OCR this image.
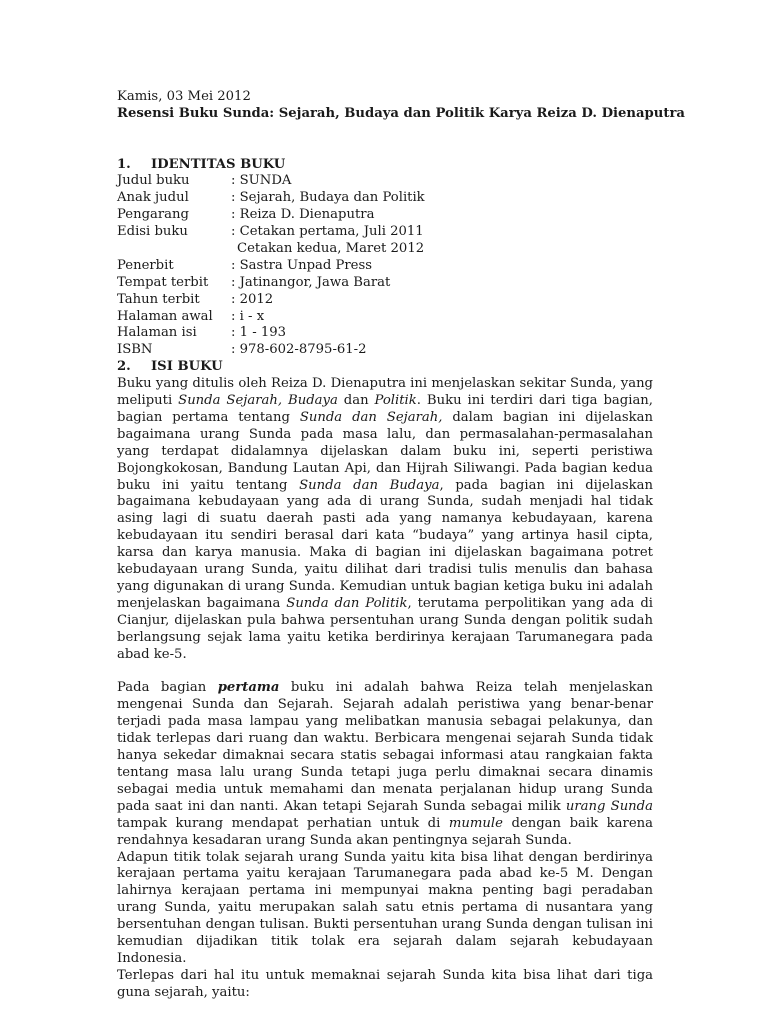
Kamis, 03 Mei 2012
Resensi Buku Sunda: Sejarah, Budaya dan Politik Karya Reiza D. Dienaputra
1. IDENTITAS BUKU
Judul buku	: SUNDA
Anak judul	: Sejarah, Budaya dan Politik
Pengarang	: Reiza D. Dienaputra
Edisi buku	: Cetakan pertama, Juli 2011
Cetakan kedua, Maret 2012
Penerbit	: Sastra Unpad Press
Tempat terbit	: Jatinangor, Jawa Barat
Tahun terbit	: 2012
Halaman awal	: i - x
Halaman isi	: 1 - 193
ISBN	: 978-602-8795-61-2
2. ISI BUKU

Buku yang ditulis oleh Reiza D. Dienaputra ini menjelaskan sekitar Sunda, yang meliputi Sunda Sejarah, Budaya dan Politik. Buku ini terdiri dari tiga bagian, bagian pertama tentang Sunda dan Sejarah, dalam bagian ini dijelaskan bagaimana urang Sunda pada masa lalu, dan permasalahan-permasalahan yang terdapat didalamnya dijelaskan dalam buku ini, seperti peristiwa Bojongkokosan, Bandung Lautan Api, dan Hijrah Siliwangi. Pada bagian kedua buku ini yaitu tentang Sunda dan Budaya, pada bagian ini dijelaskan bagaimana kebudayaan yang ada di urang Sunda, sudah menjadi hal tidak asing lagi di suatu daerah pasti ada yang namanya kebudayaan, karena kebudayaan itu sendiri berasal dari kata “budaya” yang artinya hasil cipta, karsa dan karya manusia. Maka di bagian ini dijelaskan bagaimana potret kebudayaan urang Sunda, yaitu dilihat dari tradisi tulis menulis dan bahasa yang digunakan di urang Sunda. Kemudian untuk bagian ketiga buku ini adalah menjelaskan bagaimana Sunda dan Politik, terutama perpolitikan yang ada di Cianjur, dijelaskan pula bahwa persentuhan urang Sunda dengan politik sudah berlangsung sejak lama yaitu ketika berdirinya kerajaan Tarumanegara pada abad ke-5.

Pada bagian pertama buku ini adalah bahwa Reiza telah menjelaskan mengenai Sunda dan Sejarah. Sejarah adalah peristiwa yang benar-benar terjadi pada masa lampau yang melibatkan manusia sebagai pelakunya, dan tidak terlepas dari ruang dan waktu. Berbicara mengenai sejarah Sunda tidak hanya sekedar dimaknai secara statis sebagai informasi atau rangkaian fakta tentang masa lalu urang Sunda tetapi juga perlu dimaknai secara dinamis sebagai media untuk memahami dan menata perjalanan hidup urang Sunda pada saat ini dan nanti. Akan tetapi Sejarah Sunda sebagai milik urang Sunda tampak kurang mendapat perhatian untuk di mumule dengan baik karena rendahnya kesadaran urang Sunda akan pentingnya sejarah Sunda.

Adapun titik tolak sejarah urang Sunda yaitu kita bisa lihat dengan berdirinya kerajaan pertama yaitu kerajaan Tarumanegara pada abad ke-5 M. Dengan lahirnya kerajaan pertama ini mempunyai makna penting bagi peradaban urang Sunda, yaitu merupakan salah satu etnis pertama di nusantara yang bersentuhan dengan tulisan. Bukti persentuhan urang Sunda dengan tulisan ini kemudian dijadikan titik tolak era sejarah dalam sejarah kebudayaan Indonesia.

Terlepas dari hal itu untuk memaknai sejarah Sunda kita bisa lihat dari tiga guna sejarah, yaitu:
